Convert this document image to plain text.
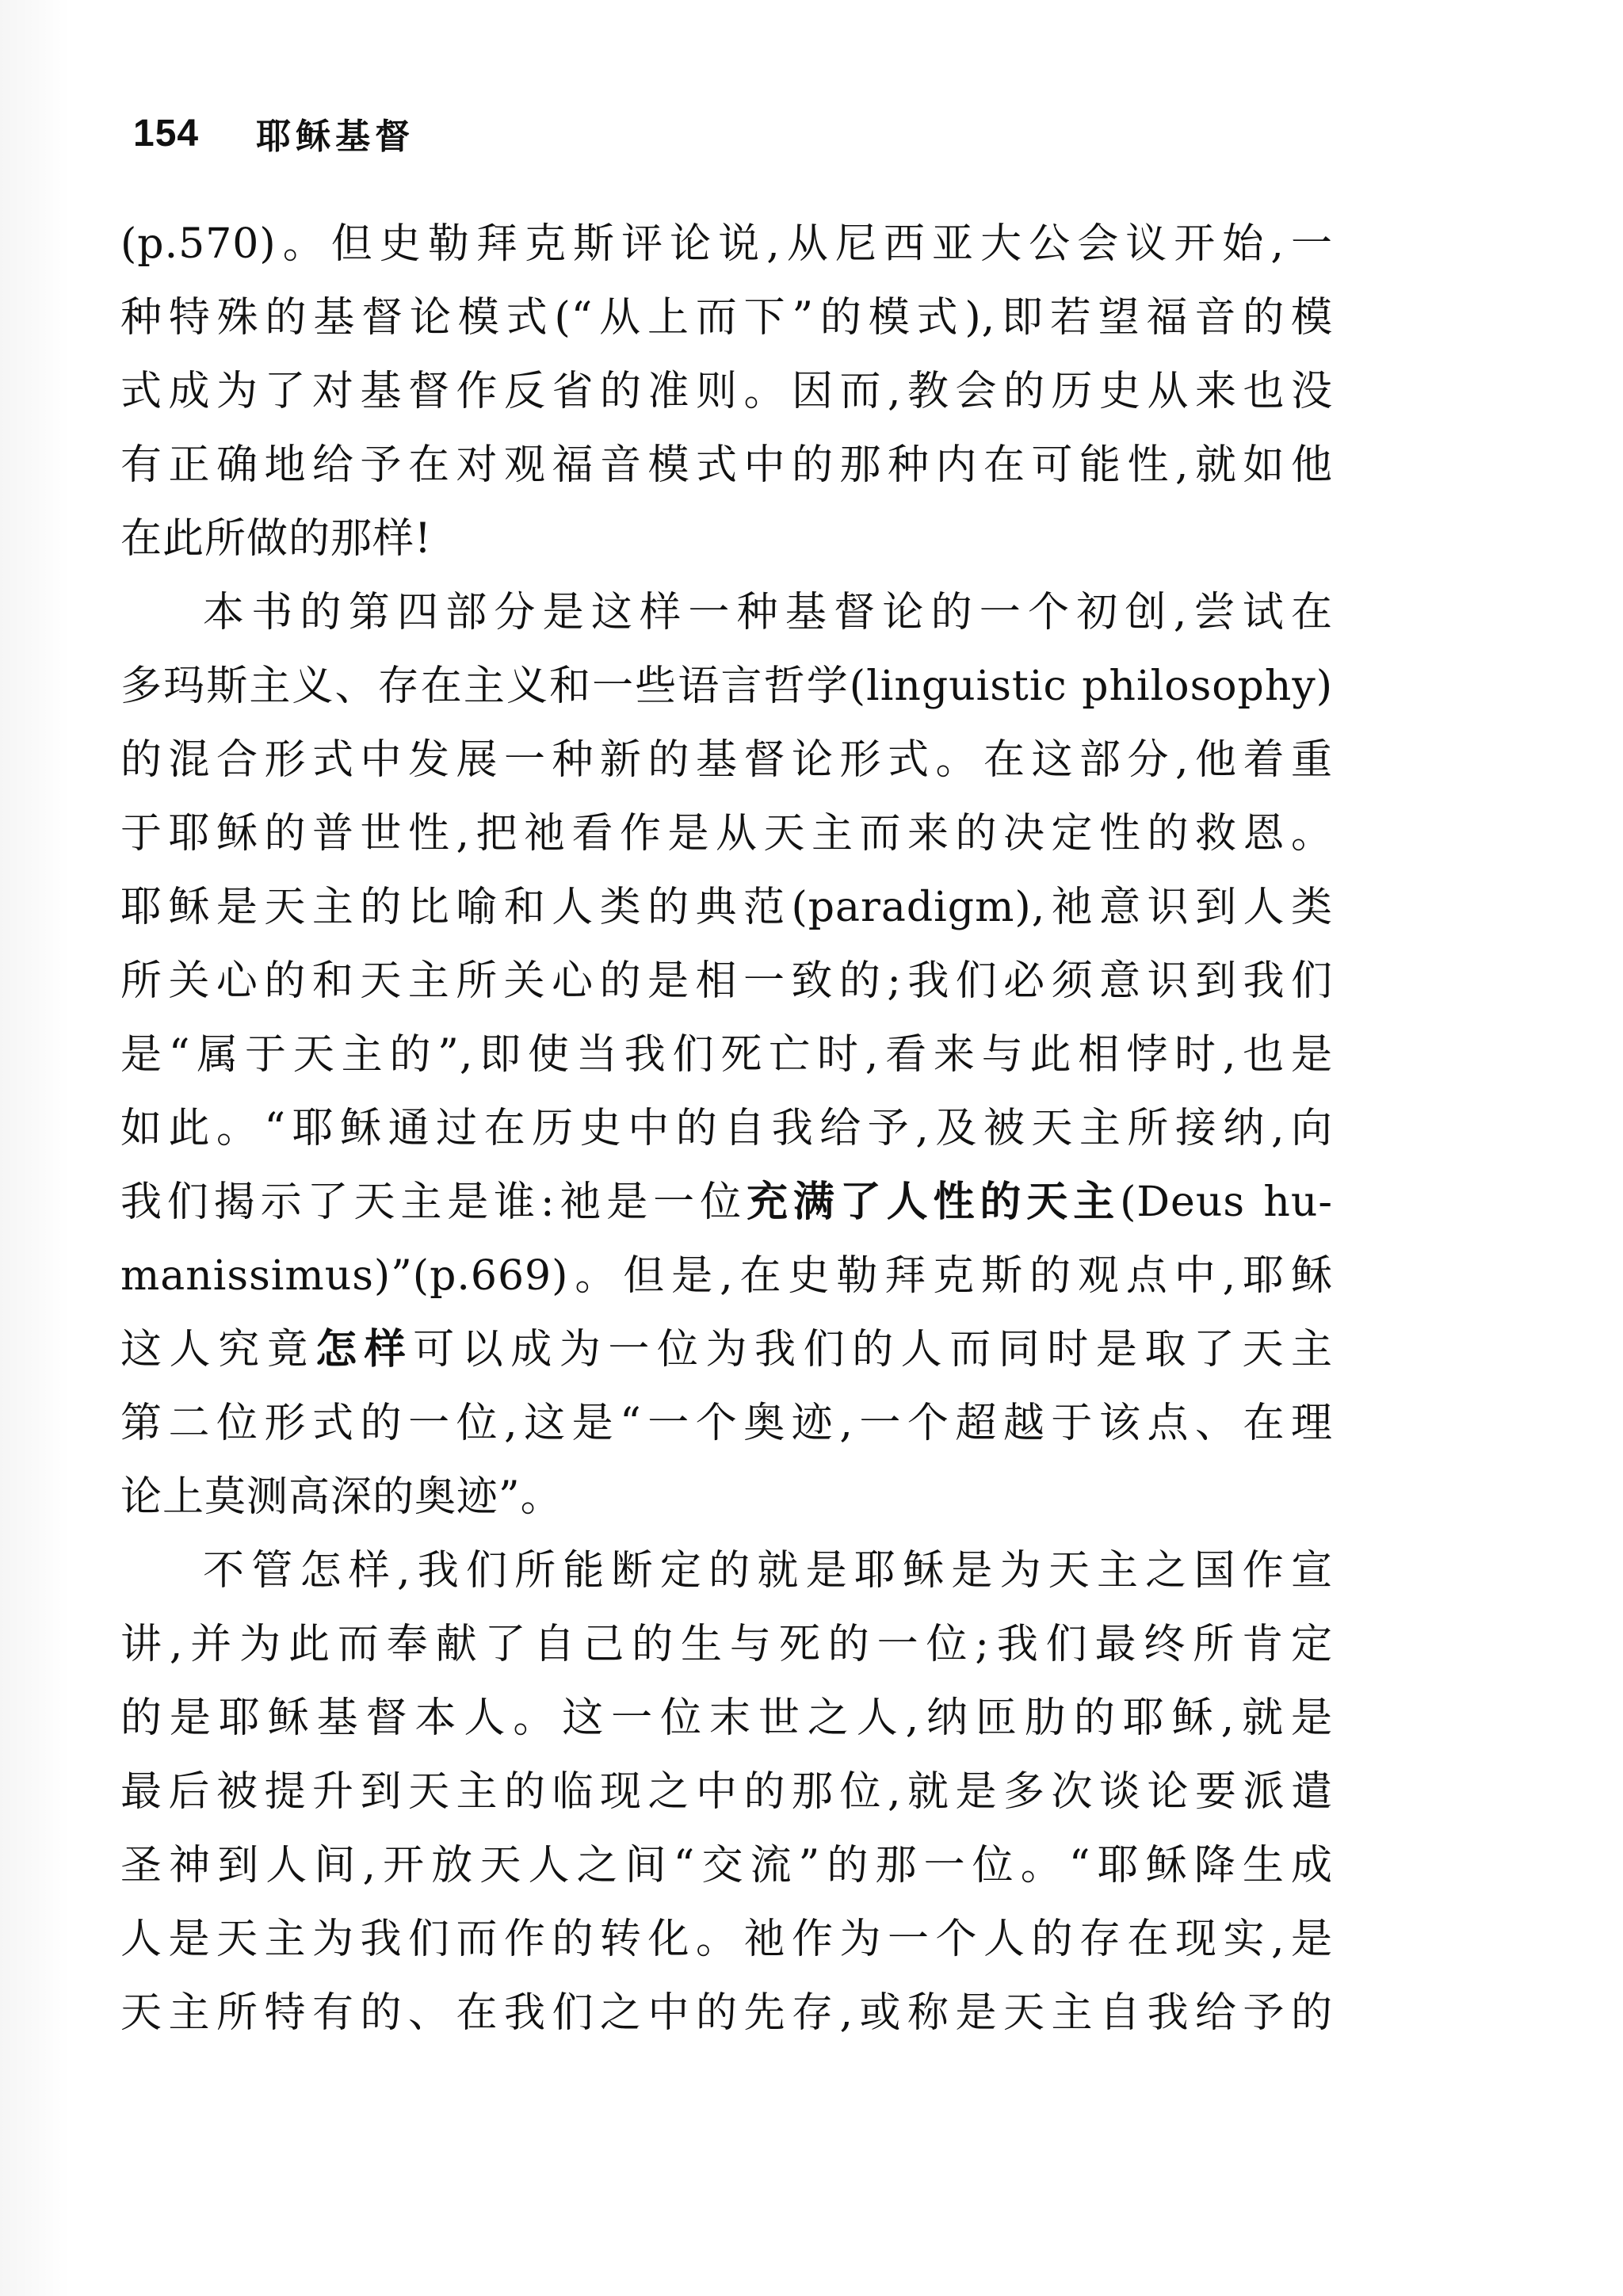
154 耶稣基督
(p.570)。但史勒拜克斯评论说,从尼西亚大公会议开始,一
种特殊的基督论模式(“从上而下”的模式),即若望福音的模
式成为了对基督作反省的准则。因而,教会的历史从来也没
有正确地给予在对观福音模式中的那种内在可能性,就如他
在此所做的那样!
本书的第四部分是这样一种基督论的一个初创,尝试在
多玛斯主义、存在主义和一些语言哲学(linguistic philosophy)
的混合形式中发展一种新的基督论形式。在这部分,他着重
于耶稣的普世性,把祂看作是从天主而来的决定性的救恩。
耶稣是天主的比喻和人类的典范(paradigm),祂意识到人类
所关心的和天主所关心的是相一致的;我们必须意识到我们
是“属于天主的”,即使当我们死亡时,看来与此相悖时,也是
如此。“耶稣通过在历史中的自我给予,及被天主所接纳,向
我们揭示了天主是谁:祂是一位充满了人性的天主(Deus hu-
manissimus)”(p.669)。但是,在史勒拜克斯的观点中,耶稣
这人究竟怎样可以成为一位为我们的人而同时是取了天主
第二位形式的一位,这是“一个奥迹,一个超越于该点、在理
论上莫测高深的奥迹”。
不管怎样,我们所能断定的就是耶稣是为天主之国作宣
讲,并为此而奉献了自己的生与死的一位;我们最终所肯定
的是耶稣基督本人。这一位末世之人,纳匝肋的耶稣,就是
最后被提升到天主的临现之中的那位,就是多次谈论要派遣
圣神到人间,开放天人之间“交流”的那一位。“耶稣降生成
人是天主为我们而作的转化。祂作为一个人的存在现实,是
天主所特有的、在我们之中的先存,或称是天主自我给予的
